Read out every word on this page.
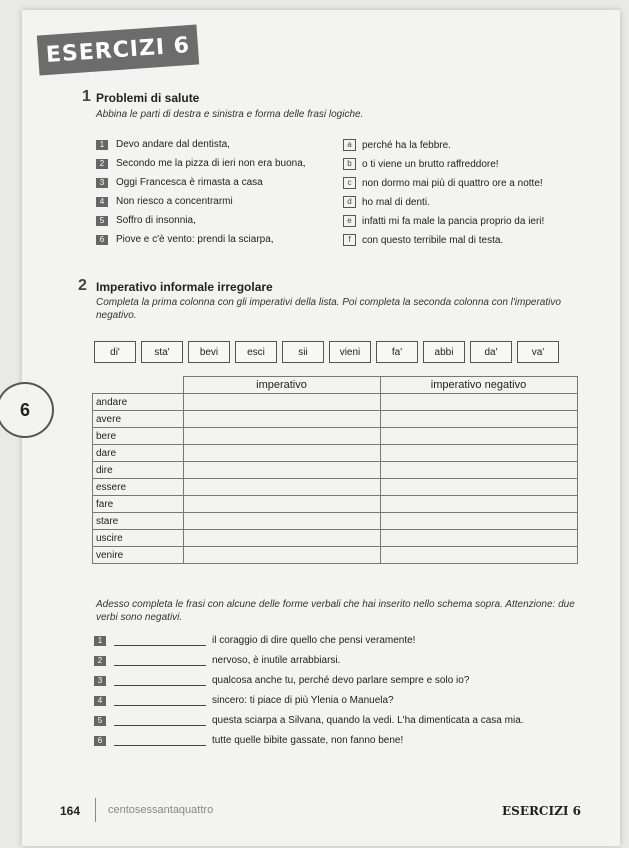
ESERCIZI 6
6
1 Problemi di salute
Abbina le parti di destra e sinistra e forma delle frasi logiche.
1	Devo andare dal dentista,
2	Secondo me la pizza di ieri non era buona,
3	Oggi Francesca è rimasta a casa
4	Non riesco a concentrarmi
5	Soffro di insonnia,
6	Piove e c'è vento: prendi la sciarpa,
a	perché ha la febbre.
b	o ti viene un brutto raffreddore!
c	non dormo mai più di quattro ore a notte!
d	ho mal di denti.
e	infatti mi fa male la pancia proprio da ieri!
f	con questo terribile mal di testa.
2 Imperativo informale irregolare
Completa la prima colonna con gli imperativi della lista. Poi completa la seconda colonna con l'imperativo negativo.
di'	sta'	bevi	esci	sii	vieni	fa'	abbi	da'	va'
	imperativo	imperativo negativo
andare		
avere		
bere		
dare		
dire		
essere		
fare		
stare		
uscire		
venire		
Adesso completa le frasi con alcune delle forme verbali che hai inserito nello schema sopra. Attenzione: due verbi sono negativi.
1	il coraggio di dire quello che pensi veramente!
2	nervoso, è inutile arrabbiarsi.
3	qualcosa anche tu, perché devo parlare sempre e solo io?
4	sincero: ti piace di più Ylenia o Manuela?
5	questa sciarpa a Silvana, quando la vedi. L'ha dimenticata a casa mia.
6	tutte quelle bibite gassate, non fanno bene!
164	centosessantaquattro	ESERCIZI 6
